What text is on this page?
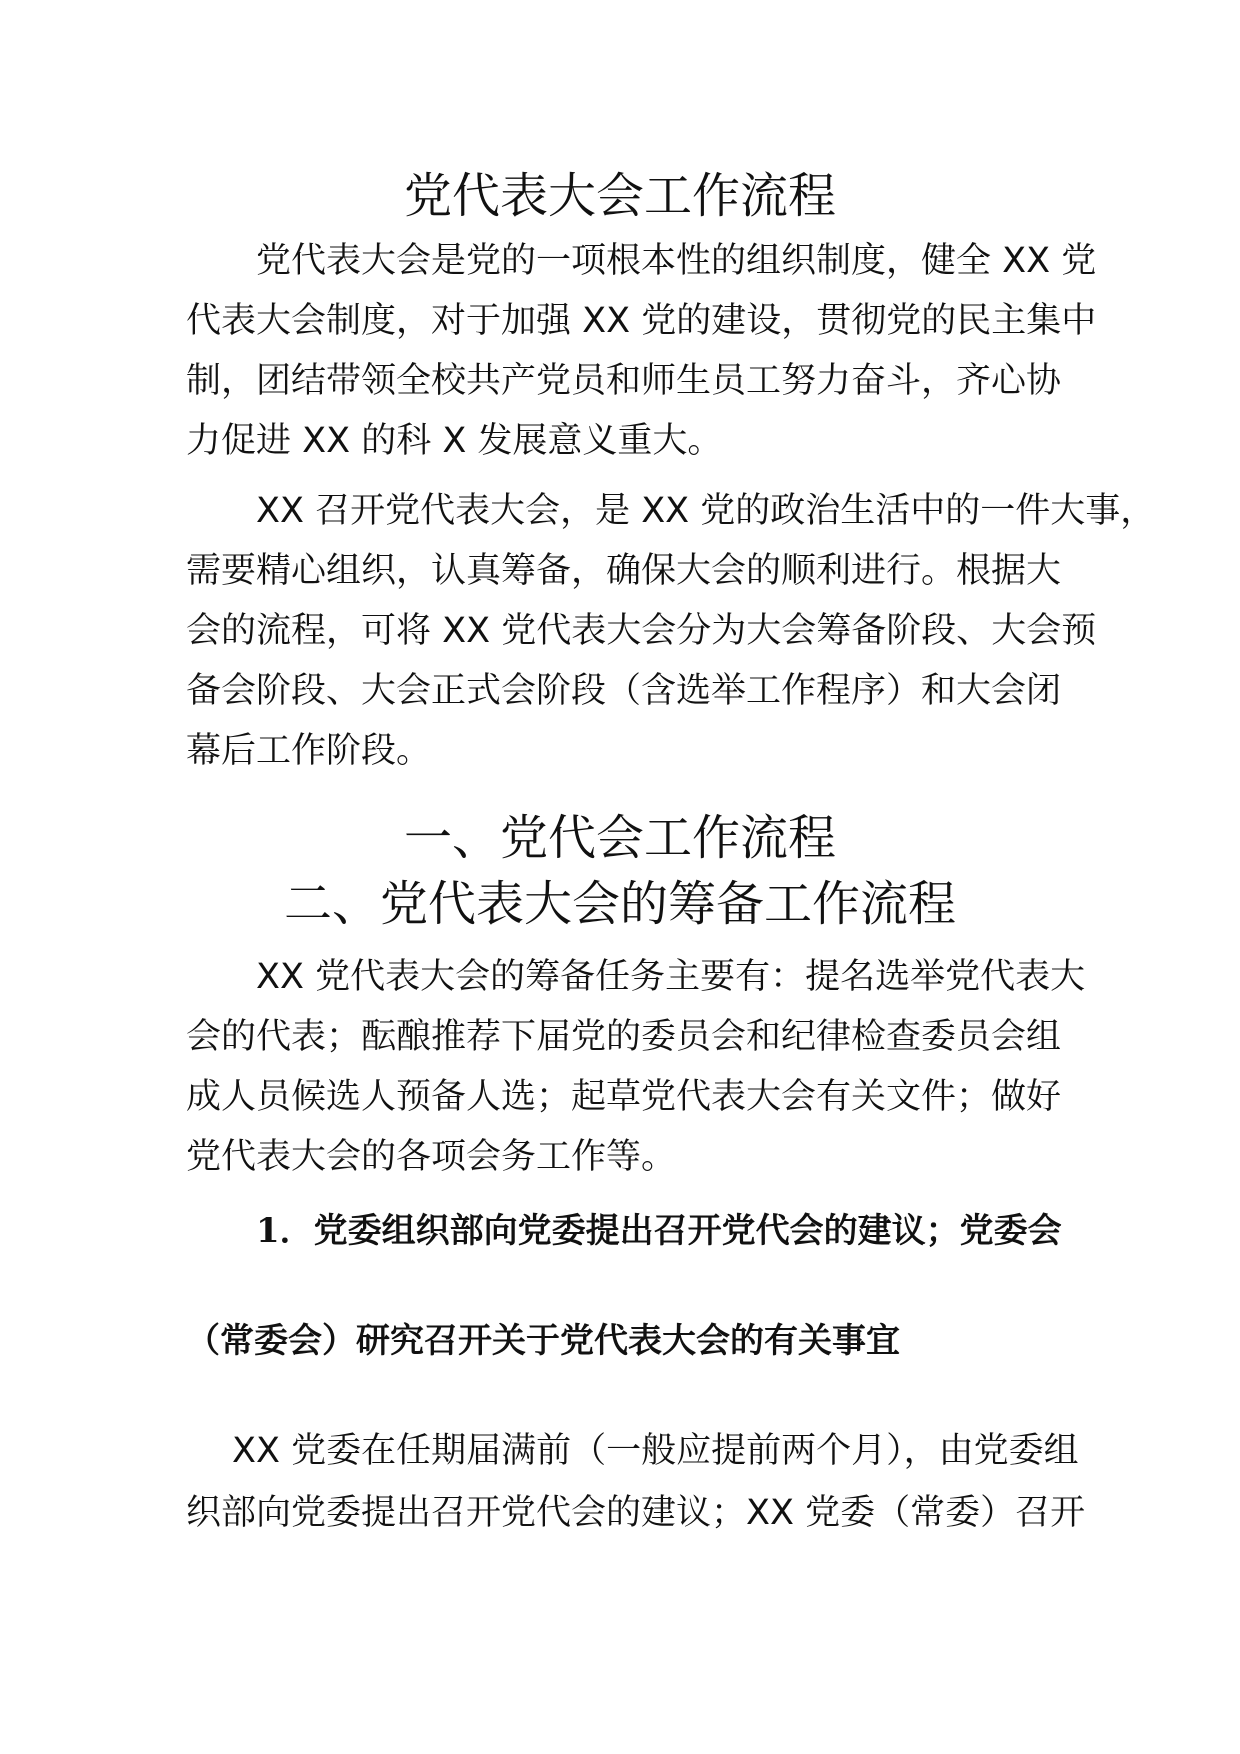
党代表大会工作流程
党代表大会是党的一项根本性的组织制度，健全 XX 党
代表大会制度，对于加强 XX 党的建设，贯彻党的民主集中
制，团结带领全校共产党员和师生员工努力奋斗，齐心协
力促进 XX 的科 X 发展意义重大。
XX 召开党代表大会，是 XX 党的政治生活中的一件大事，
需要精心组织，认真筹备，确保大会的顺利进行。根据大
会的流程，可将 XX 党代表大会分为大会筹备阶段、大会预
备会阶段、大会正式会阶段（含选举工作程序）和大会闭
幕后工作阶段。
一、党代会工作流程
二、党代表大会的筹备工作流程
XX 党代表大会的筹备任务主要有：提名选举党代表大
会的代表；酝酿推荐下届党的委员会和纪律检查委员会组
成人员候选人预备人选；起草党代表大会有关文件；做好
党代表大会的各项会务工作等。
1．党委组织部向党委提出召开党代会的建议；党委会
（常委会）研究召开关于党代表大会的有关事宜
XX 党委在任期届满前（一般应提前两个月），由党委组
织部向党委提出召开党代会的建议；XX 党委（常委）召开
